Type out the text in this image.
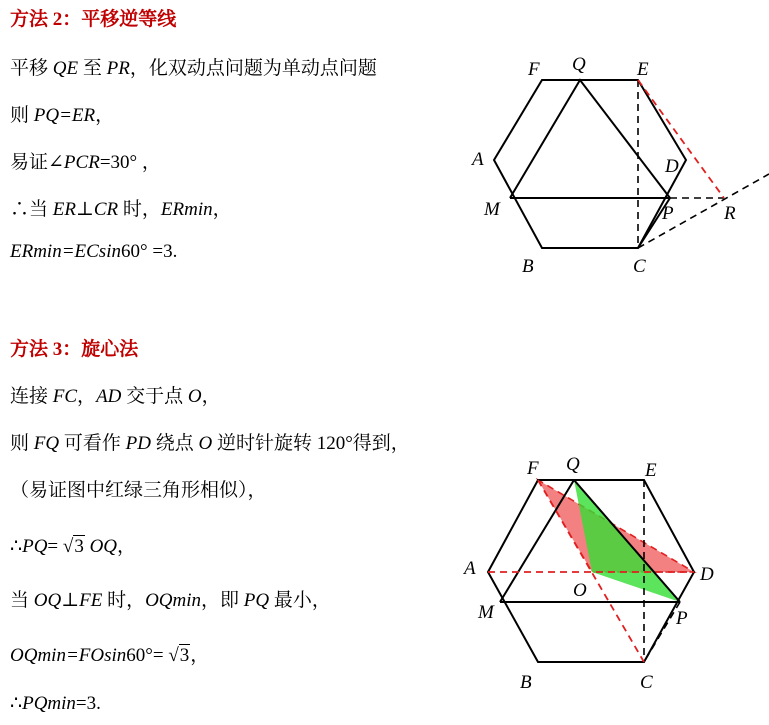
方法 2：平移逆等线
平移 QE 至 PR，化双动点问题为单动点问题
则 PQ=ER，
易证∠PCR=30° ，
∴当 ER⊥CR 时，ERmin，
ERmin=ECsin60° =3.
方法 3：旋心法
连接 FC，AD 交于点 O，
则 FQ 可看作 PD 绕点 O 逆时针旋转 120°得到，
（易证图中红绿三角形相似），
∴PQ= √3 OQ，
当 OQ⊥FE 时，OQmin，即 PQ 最小，
OQmin=FOsin60°= √3，
∴PQmin=3.
F Q	E
A	D
M	P	R
B	C
F Q	E
A	D
O
M	P
B	C
